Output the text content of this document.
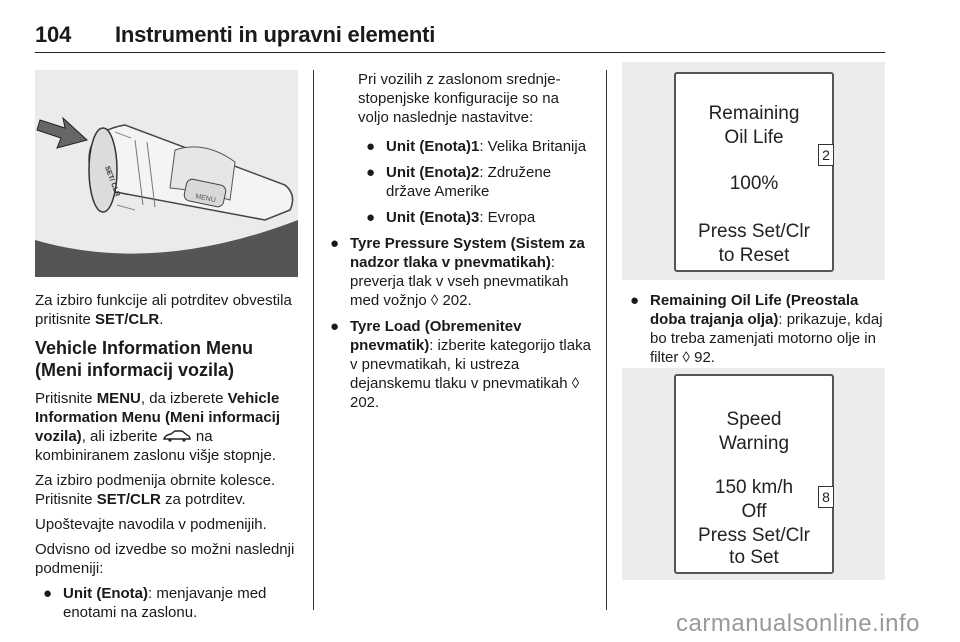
104 Instrumenti in upravni elementi
SET/ CLR
MENU

Za izbiro funkcije ali potrditev obvestila pritisnite SET/CLR.

Vehicle Information Menu (Meni informacij vozila)

Pritisnite MENU, da izberete Vehicle Information Menu (Meni informacij vozila), ali izberite  na kombiniranem zaslonu višje stopnje.

Za izbiro podmenija obrnite kolesce. Pritisnite SET/CLR za potrditev.

Upoštevajte navodila v podmenijih.

Odvisno od izvedbe so možni naslednji podmeniji:

● Unit (Enota): menjavanje med enotami na zaslonu.

Pri vozilih z zaslonom srednje-stopenjske konfiguracije so na voljo naslednje nastavitve:

● Unit (Enota)1: Velika Britanija
● Unit (Enota)2: Združene države Amerike
● Unit (Enota)3: Evropa
● Tyre Pressure System (Sistem za nadzor tlaka v pnevmatikah): preverja tlak v vseh pnevmatikah med vožnjo ◊ 202.
● Tyre Load (Obremenitev pnevmatik): izberite kategorijo tlaka v pnevmatikah, ki ustreza dejanskemu tlaku v pnevmatikah ◊ 202.
Remaining
Oil Life
100%
Press Set/Clr
to Reset
2
● Remaining Oil Life (Preostala doba trajanja olja): prikazuje, kdaj bo treba zamenjati motorno olje in filter ◊ 92.
Speed
Warning
150 km/h
Off
Press Set/Clr
to Set
8
carmanualsonline.info
